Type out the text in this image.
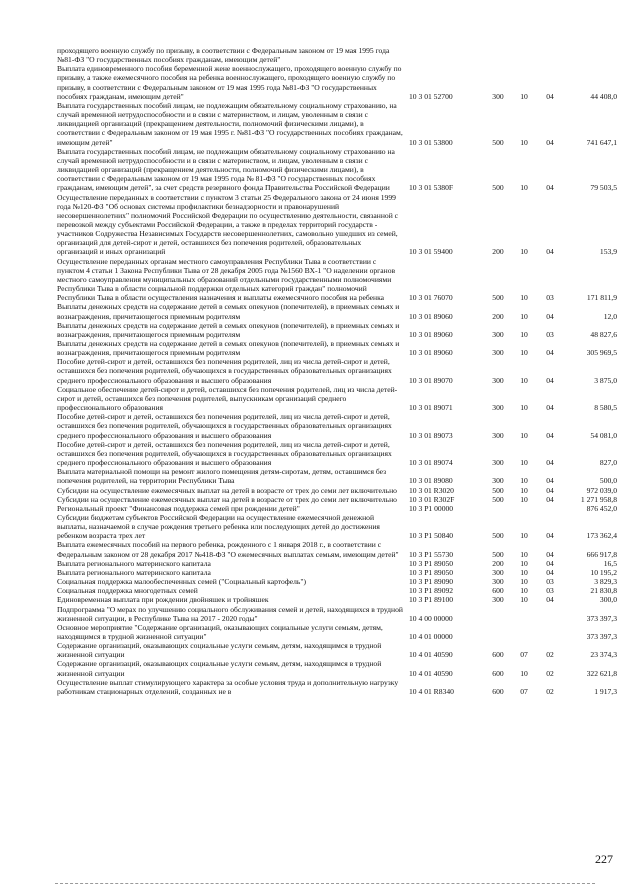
проходящего военную службу по призыву, в соответствии с Федеральным законом от 19 мая 1995 года №81-ФЗ "О государственных пособиях гражданам, имеющим детей"
Выплата единовременного пособия беременной жене военнослужащего, проходящего военную службу по призыву, а также ежемесячного пособия на ребенка военнослужащего, проходящего военную службу по призыву, в соответствии с Федеральным законом от 19 мая 1995 года №81-ФЗ "О государственных пособиях гражданам, имеющим детей"	10 3 01 52700	300	10	04	44 408,0
Выплата государственных пособий лицам, не подлежащим обязательному социальному страхованию, на случай временной нетрудоспособности и в связи с материнством, и лицам, уволенным в связи с ликвидацией организаций (прекращением деятельности, полномочий физическими лицами), в соответствии с Федеральным законом от 19 мая 1995 г. №81-ФЗ "О государственных пособиях гражданам, имеющим детей"	10 3 01 53800	500	10	04	741 647,1
Выплата государственных пособий лицам, не подлежащим обязательному социальному страхованию на случай временной нетрудоспособности и в связи с материнством, и лицам, уволенным в связи с ликвидацией организаций (прекращением деятельности, полномочий физическими лицами), в соответствии с Федеральным законом от 19 мая 1995 года № 81-ФЗ "О государственных пособиях гражданам, имеющим детей", за счет средств резервного фонда Правительства Российской Федерации	10 3 01 5380F	500	10	04	79 503,5
Осуществление переданных в соответствии с пунктом 3 статьи 25 Федерального закона от 24 июня 1999 года №120-ФЗ "Об основах системы профилактики безнадзорности и правонарушений несовершеннолетних" полномочий Российской Федерации по осуществлению деятельности, связанной с перевозкой между субъектами Российской Федерации, а также в пределах территорий государств - участников Содружества Независимых Государств несовершеннолетних, самовольно ушедших из семей, организаций для детей-сирот и детей, оставшихся без попечения родителей, образовательных организаций и иных организаций	10 3 01 59400	200	10	04	153,9
Осуществление переданных органам местного самоуправления Республики Тыва в соответствии с пунктом 4 статьи 1 Закона Республики Тыва от 28 декабря 2005 года №1560 ВХ-1 "О наделении органов местного самоуправления муниципальных образований отдельными государственными полномочиями Республики Тыва в области социальной поддержки отдельных категорий граждан" полномочий Республики Тыва в области осуществления назначения и выплаты ежемесячного пособия на ребенка	10 3 01 76070	500	10	03	171 811,9
Выплаты денежных средств на содержание детей в семьях опекунов (попечителей), в приемных семьях и вознаграждения, причитающегося приемным родителям	10 3 01 89060	200	10	04	12,0
Выплаты денежных средств на содержание детей в семьях опекунов (попечителей), в приемных семьях и вознаграждения, причитающегося приемным родителям	10 3 01 89060	300	10	03	48 827,6
Выплаты денежных средств на содержание детей в семьях опекунов (попечителей), в приемных семьях и вознаграждения, причитающегося приемным родителям	10 3 01 89060	300	10	04	305 969,5
Пособие детей-сирот и детей, оставшихся без попечения родителей, лиц из числа детей-сирот и детей, оставшихся без попечения родителей, обучающихся в государственных образовательных организациях среднего профессионального образования и высшего образования	10 3 01 89070	300	10	04	3 875,0
Социальное обеспечение детей-сирот и детей, оставшихся без попечения родителей, лиц из числа детей-сирот и детей, оставшихся без попечения родителей, выпускникам организаций среднего профессионального образования	10 3 01 89071	300	10	04	8 580,5
Пособие детей-сирот и детей, оставшихся без попечения родителей, лиц из числа детей-сирот и детей, оставшихся без попечения родителей, обучающихся в государственных образовательных организациях среднего профессионального образования и высшего образования	10 3 01 89073	300	10	04	54 081,0
Пособие детей-сирот и детей, оставшихся без попечения родителей, лиц из числа детей-сирот и детей, оставшихся без попечения родителей, обучающихся в государственных образовательных организациях среднего профессионального образования и высшего образования	10 3 01 89074	300	10	04	827,0
Выплата материальной помощи на ремонт жилого помещения детям-сиротам, детям, оставшимся без попечения родителей, на территории Республики Тыва	10 3 01 89080	300	10	04	500,0
Субсидии на осуществление ежемесячных выплат на детей в возрасте от трех до семи лет включительно	10 3 01 R3020	500	10	04	972 039,0
Субсидии на осуществление ежемесячных выплат на детей в возрасте от трех до семи лет включительно	10 3 01 R302F	500	10	04	1 271 958,8
Региональный проект "Финансовая поддержка семей при рождении детей"	10 3 P1 00000	876 452,0
Субсидии бюджетам субъектов Российской Федерации на осуществление ежемесячной денежной выплаты, назначаемой в случае рождения третьего ребенка или последующих детей до достижения ребенком возраста трех лет	10 3 P1 50840	500	10	04	173 362,4
Выплата ежемесячных пособий на первого ребенка, рожденного с 1 января 2018 г., в соответствии с Федеральным законом от 28 декабря 2017 №418-ФЗ "О ежемесячных выплатах семьям, имеющим детей"	10 3 P1 55730	500	10	04	666 917,8
Выплата регионального материнского капитала	10 3 P1 89050	200	10	04	16,5
Выплата регионального материнского капитала	10 3 P1 89050	300	10	04	10 195,2
Социальная поддержка малообеспеченных семей ("Социальный картофель")	10 3 P1 89090	300	10	03	3 829,3
Социальная поддержка многодетных семей	10 3 P1 89092	600	10	03	21 830,8
Единовременная выплата при рождении двойняшек и тройняшек	10 3 P1 89100	300	10	04	300,0
Подпрограмма "О мерах по улучшению социального обслуживания семей и детей, находящихся в трудной жизненной ситуации, в Республике Тыва на 2017 - 2020 годы"	10 4 00 00000	373 397,3
Основное мероприятие "Содержание организаций, оказывающих социальные услуги семьям, детям, находящимся в трудной жизненной ситуации"	10 4 01 00000	373 397,3
Содержание организаций, оказывающих социальные услуги семьям, детям, находящимся в трудной жизненной ситуации	10 4 01 40590	600	07	02	23 374,3
Содержание организаций, оказывающих социальные услуги семьям, детям, находящимся в трудной жизненной ситуации	10 4 01 40590	600	10	02	322 621,8
Осуществление выплат стимулирующего характера за особые условия труда и дополнительную нагрузку работникам стационарных отделений, созданных не в	10 4 01 R8340	600	07	02	1 917,3
227
